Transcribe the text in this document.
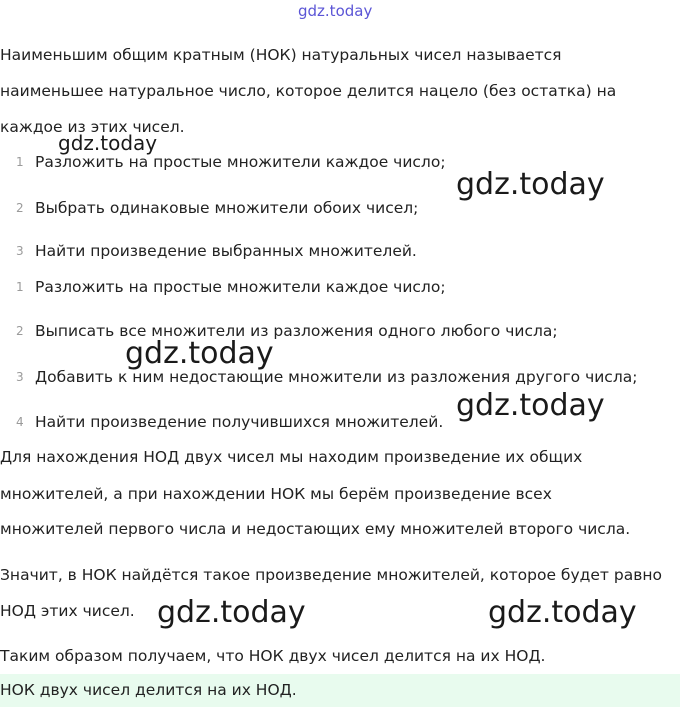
gdz.today
Наименьшим общим кратным (НОК) натуральных чисел называется
наименьшее натуральное число, которое делится нацело (без остатка) на
каждое из этих чисел.
1 Разложить на простые множители каждое число;
2 Выбрать одинаковые множители обоих чисел;
3 Найти произведение выбранных множителей.
1 Разложить на простые множители каждое число;
2 Выписать все множители из разложения одного любого числа;
3 Добавить к ним недостающие множители из разложения другого числа;
4 Найти произведение получившихся множителей.
Для нахождения НОД двух чисел мы находим произведение их общих
множителей, а при нахождении НОК мы берём произведение всех
множителей первого числа и недостающих ему множителей второго числа.
Значит, в НОК найдётся такое произведение множителей, которое будет равно
НОД этих чисел.
Таким образом получаем, что НОК двух чисел делится на их НОД.
НОК двух чисел делится на их НОД.
gdz.today
gdz.today
gdz.today
gdz.today
gdz.today	gdz.today
